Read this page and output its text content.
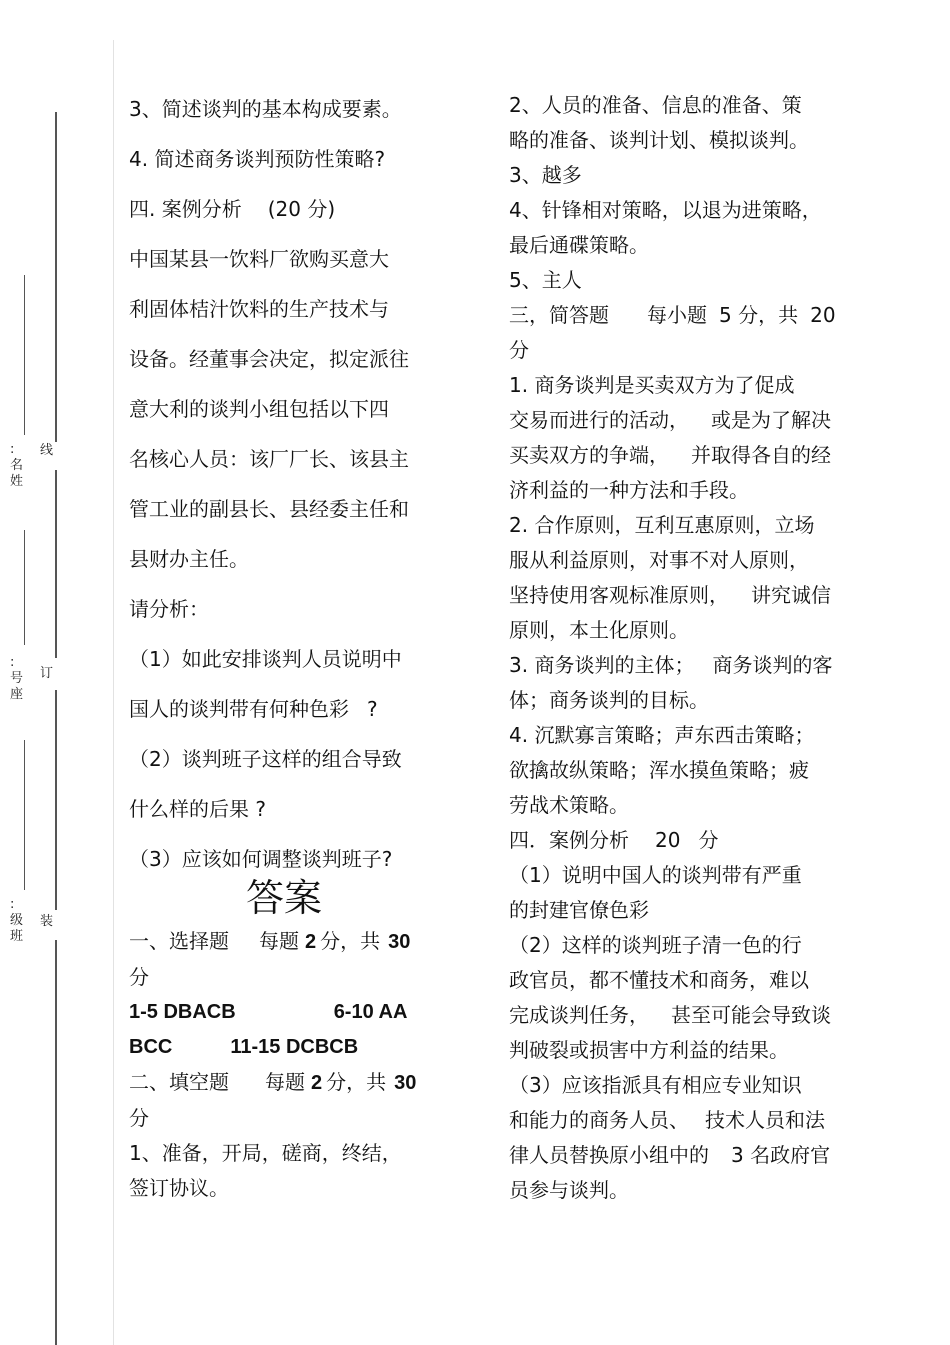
:名姓
:号座
:级班
线
订
装

3、简述谈判的基本构成要素。

4. 简述商务谈判预防性策略?

四. 案例分析 (20 分)

中国某县一饮料厂欲购买意大

利固体桔汁饮料的生产技术与

设备。经董事会决定，拟定派往

意大利的谈判小组包括以下四

名核心人员：该厂厂长、该县主

管工业的副县长、县经委主任和

县财办主任。

请分析：

（1）如此安排谈判人员说明中

国人的谈判带有何种色彩 ?

（2）谈判班子这样的组合导致

什么样的后果 ?

（3）应该如何调整谈判班子?

答案

一、选择题 每题 2 分，共 30

分

1-5 DBACB	6-10 AA

BCC	11-15 DCBCB

二、填空题 每题 2 分，共 30

分

1、准备，开局，磋商，终结，

签订协议。

2、人员的准备、信息的准备、策

略的准备、谈判计划、模拟谈判。

3、越多

4、针锋相对策略，以退为进策略，

最后通碟策略。

5、主人

三，简答题 每小题 5 分，共 20

分

1. 商务谈判是买卖双方为了促成

交易而进行的活动， 或是为了解决

买卖双方的争端， 并取得各自的经

济利益的一种方法和手段。

2. 合作原则，互利互惠原则，立场

服从利益原则，对事不对人原则，

坚持使用客观标准原则， 讲究诚信

原则，本土化原则。

3. 商务谈判的主体； 商务谈判的客

体；商务谈判的目标。

4. 沉默寡言策略；声东西击策略；

欲擒故纵策略；浑水摸鱼策略；疲

劳战术策略。

四．案例分析 20 分

（1）说明中国人的谈判带有严重

的封建官僚色彩

（2）这样的谈判班子清一色的行

政官员，都不懂技术和商务，难以

完成谈判任务， 甚至可能会导致谈

判破裂或损害中方利益的结果。

（3）应该指派具有相应专业知识

和能力的商务人员、 技术人员和法

律人员替换原小组中的 3 名政府官

员参与谈判。
